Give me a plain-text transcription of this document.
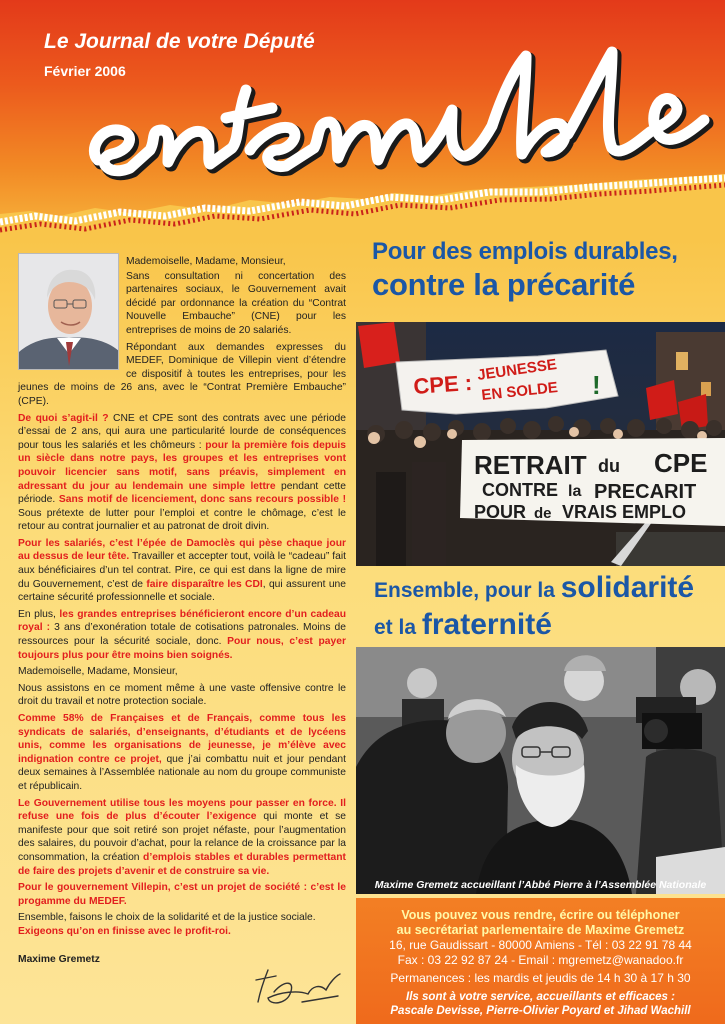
Le Journal de votre Député
Février 2006

Mademoiselle, Madame, Monsieur,

Sans consultation ni concertation des partenaires sociaux, le Gouvernement avait décidé par ordonnance la création du “Contrat Nouvelle Embauche” (CNE) pour les entreprises de moins de 20 salariés.

Répondant aux demandes expresses du MEDEF, Dominique de Villepin vient d’étendre ce dispositif à toutes les entreprises, pour les jeunes de moins de 26 ans, avec le “Contrat Première Embauche” (CPE).

De quoi s’agit-il ? CNE et CPE sont des contrats avec une période d’essai de 2 ans, qui aura une particularité lourde de conséquences pour tous les salariés et les chômeurs : pour la première fois depuis un siècle dans notre pays, les groupes et les entreprises vont pouvoir licencier sans motif, sans préavis, simplement en adressant du jour au lendemain une simple lettre pendant cette période. Sans motif de licenciement, donc sans recours possible ! Sous prétexte de lutter pour l’emploi et contre le chômage, c’est le retour au contrat journalier et au patronat de droit divin.

Pour les salariés, c’est l’épée de Damoclès qui pèse chaque jour au dessus de leur tête. Travailler et accepter tout, voilà le “cadeau” fait aux bénéficiaires d’un tel contrat. Pire, ce qui est dans la ligne de mire du Gouvernement, c’est de faire disparaître les CDI, qui assurent une certaine sécurité professionnelle et sociale.

En plus, les grandes entreprises bénéficieront encore d’un cadeau royal : 3 ans d’exonération totale de cotisations patronales. Moins de ressources pour la sécurité sociale, donc. Pour nous, c’est payer toujours plus pour être moins bien soignés.

Mademoiselle, Madame, Monsieur,

Nous assistons en ce moment même à une vaste offensive contre le droit du travail et notre protection sociale.

Comme 58% de Françaises et de Français, comme tous les syndicats de salariés, d’enseignants, d’étudiants et de lycéens unis, comme les organisations de jeunesse, je m’élève avec indignation contre ce projet, que j’ai combattu nuit et jour pendant deux semaines à l’Assemblée nationale au nom du groupe communiste et républicain.

Le Gouvernement utilise tous les moyens pour passer en force. Il refuse une fois de plus d’écouter l’exigence qui monte et se manifeste pour que soit retiré son projet néfaste, pour l’augmentation des salaires, du pouvoir d’achat, pour la relance de la croissance par la consommation, la création d’emplois stables et durables permettant de faire des projets d’avenir et de construire sa vie.

Pour le gouvernement Villepin, c’est un projet de société : c’est le progamme du MEDEF.

Ensemble, faisons le choix de la solidarité et de la justice sociale.
Exigeons qu’on en finisse avec le profit-roi.

Maxime Gremetz

Pour des emplois durables,
contre la précarité
CPE : JEUNESSE
EN SOLDE !
RETRAIT du CPE
CONTRE la PRECARIT
POUR de VRAIS EMPLO
Ensemble, pour la solidarité
et la fraternité
Maxime Gremetz accueillant l’Abbé Pierre à l’Assemblée Nationale
Vous pouvez vous rendre, écrire ou téléphoner
au secrétariat parlementaire de Maxime Gremetz
16, rue Gaudissart - 80000 Amiens - Tél : 03 22 91 78 44
Fax : 03 22 92 87 24 - Email : mgremetz@wanadoo.fr
Permanences : les mardis et jeudis de 14 h 30 à 17 h 30
Ils sont à votre service, accueillants et efficaces :
Pascale Devisse, Pierre-Olivier Poyard et Jihad Wachill
